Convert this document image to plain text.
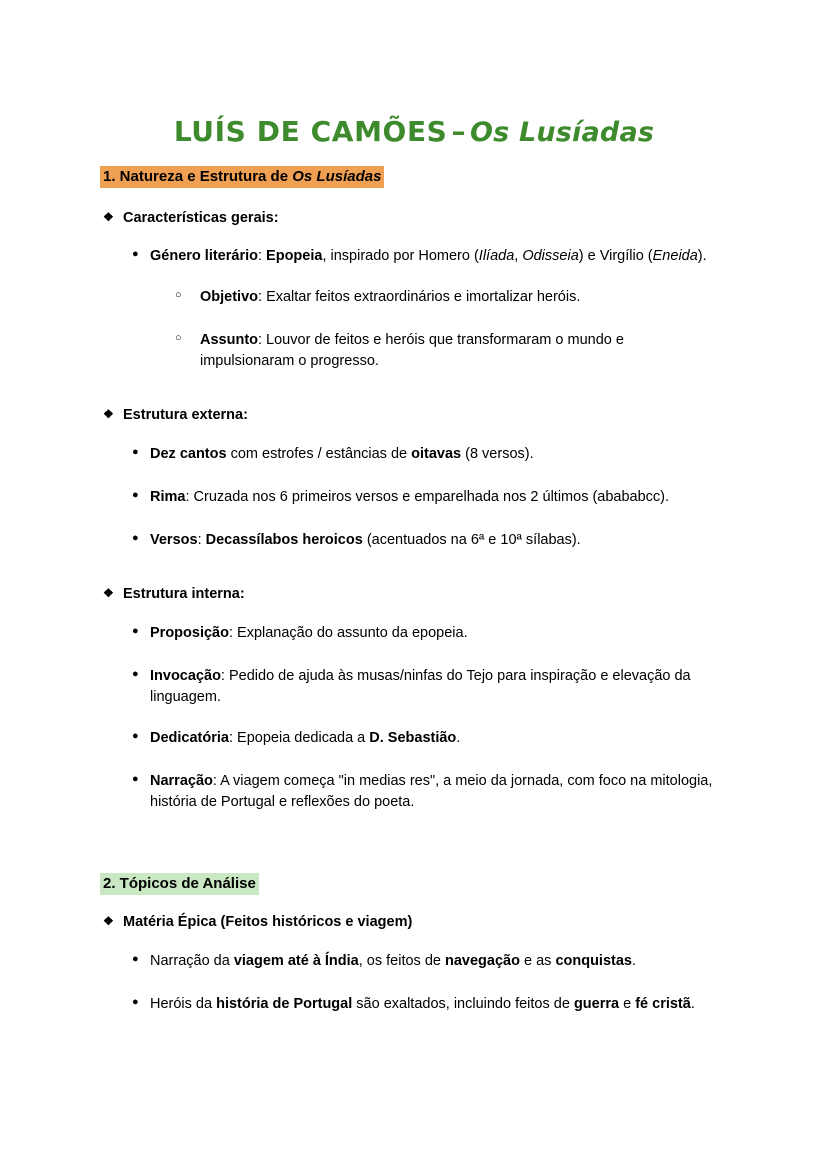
LUÍS DE CAMÕES – Os Lusíadas
1. Natureza e Estrutura de Os Lusíadas
❖ Características gerais:
● Género literário: Epopeia, inspirado por Homero (Ilíada, Odisseia) e Virgílio (Eneida).
○	Objetivo: Exaltar feitos extraordinários e imortalizar heróis.
○	Assunto: Louvor de feitos e heróis que transformaram o mundo e impulsionaram o progresso.
❖ Estrutura externa:
● Dez cantos com estrofes / estâncias de oitavas (8 versos).
● Rima: Cruzada nos 6 primeiros versos e emparelhada nos 2 últimos (abababcc).
● Versos: Decassílabos heroicos (acentuados na 6ª e 10ª sílabas).
❖ Estrutura interna:
● Proposição: Explanação do assunto da epopeia.
● Invocação: Pedido de ajuda às musas/ninfas do Tejo para inspiração e elevação da linguagem.
● Dedicatória: Epopeia dedicada a D. Sebastião.
● Narração: A viagem começa "in medias res", a meio da jornada, com foco na mitologia, história de Portugal e reflexões do poeta.
2. Tópicos de Análise
❖ Matéria Épica (Feitos históricos e viagem)
● Narração da viagem até à Índia, os feitos de navegação e as conquistas.
● Heróis da história de Portugal são exaltados, incluindo feitos de guerra e fé cristã.
